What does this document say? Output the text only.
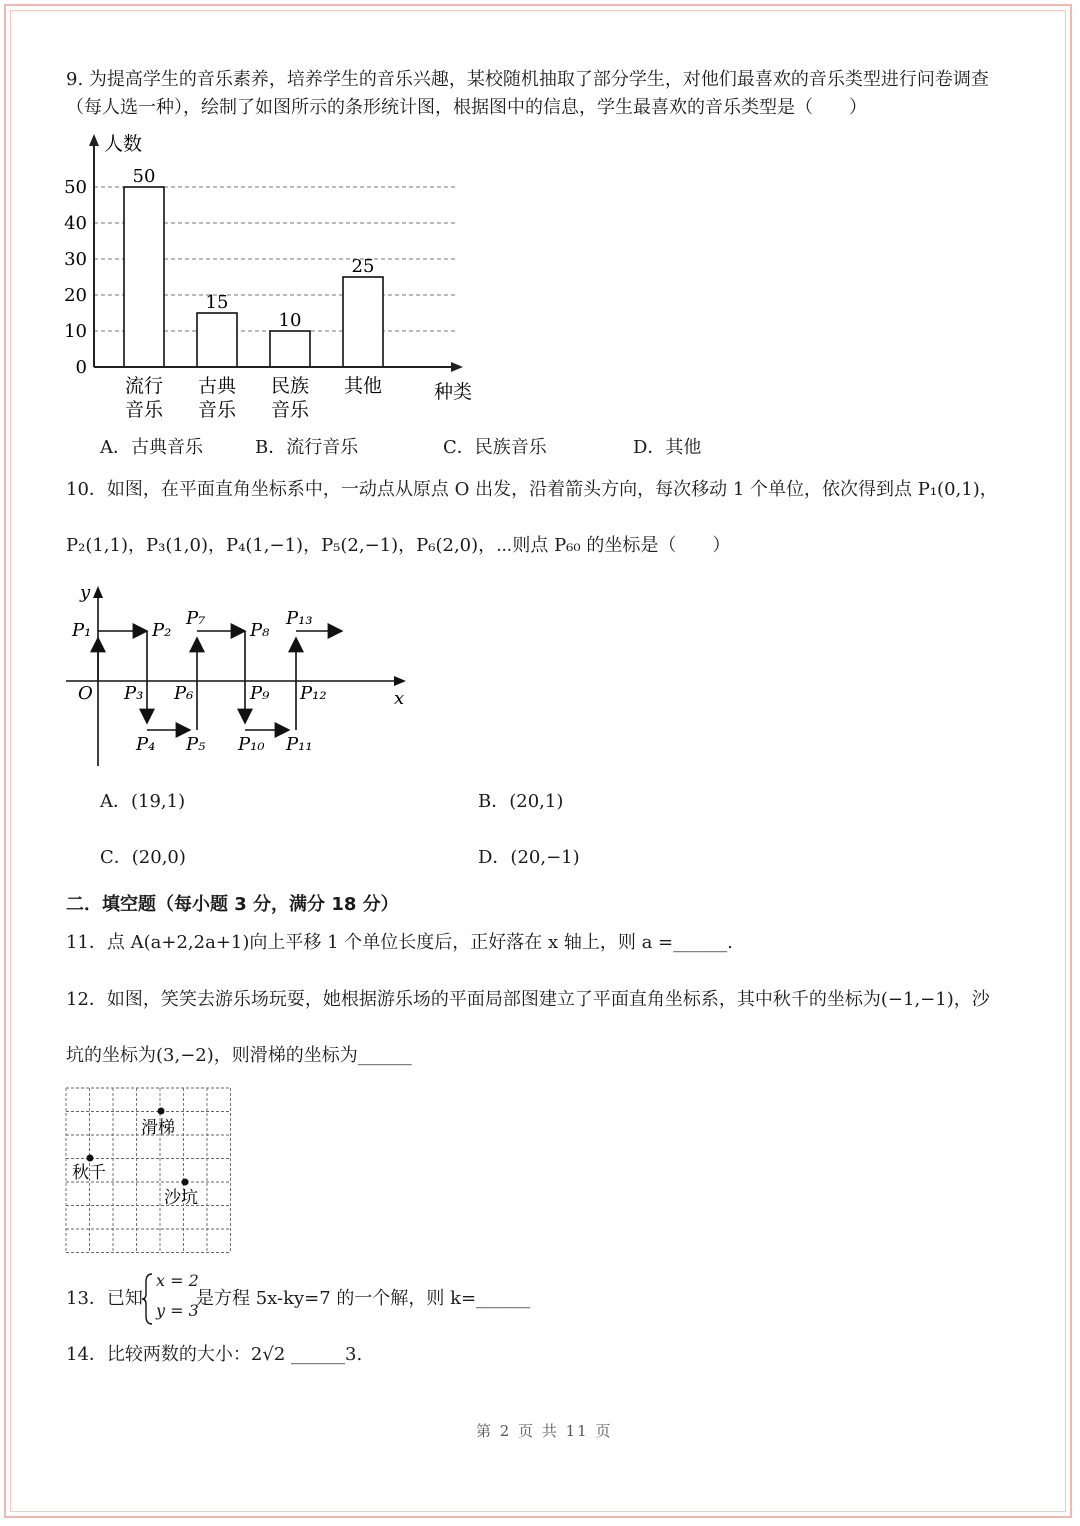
9. 为提高学生的音乐素养，培养学生的音乐兴趣，某校随机抽取了部分学生，对他们最喜欢的音乐类型进行问卷调查
（每人选一种），绘制了如图所示的条形统计图，根据图中的信息，学生最喜欢的音乐类型是（　　）
50
15
10
25
人数
种类
0
10
20
30
40
50
流行
音乐
古典
音乐
民族
音乐
其他
A．古典音乐	B．流行音乐	C．民族音乐	D．其他
10．如图，在平面直角坐标系中，一动点从原点 O 出发，沿着箭头方向，每次移动 1 个单位，依次得到点 P₁(0,1)，
P₂(1,1)，P₃(1,0)，P₄(1,−1)，P₅(2,−1)，P₆(2,0)，⋯则点 P₆₀ 的坐标是（　　）
y
x
O
P₁	P₂
P₃
P₄ P₅
P₆
P₇
P₈
P₉
P₁₀ P₁₁
P₁₂
P₁₃
A．(19,1)	B．(20,1)
C．(20,0)	D．(20,−1)
二．填空题（每小题 3 分，满分 18 分）
11．点 A(a+2,2a+1)向上平移 1 个单位长度后，正好落在 x 轴上，则 a =______.
12．如图，笑笑去游乐场玩耍，她根据游乐场的平面局部图建立了平面直角坐标系，其中秋千的坐标为(−1,−1)，沙
坑的坐标为(3,−2)，则滑梯的坐标为______
滑梯
秋千
沙坑
13．已知
x = 2
y = 3
是方程 5x-ky=7 的一个解，则 k=______
14．比较两数的大小：2√2 ______3.
第 2 页 共 11 页
